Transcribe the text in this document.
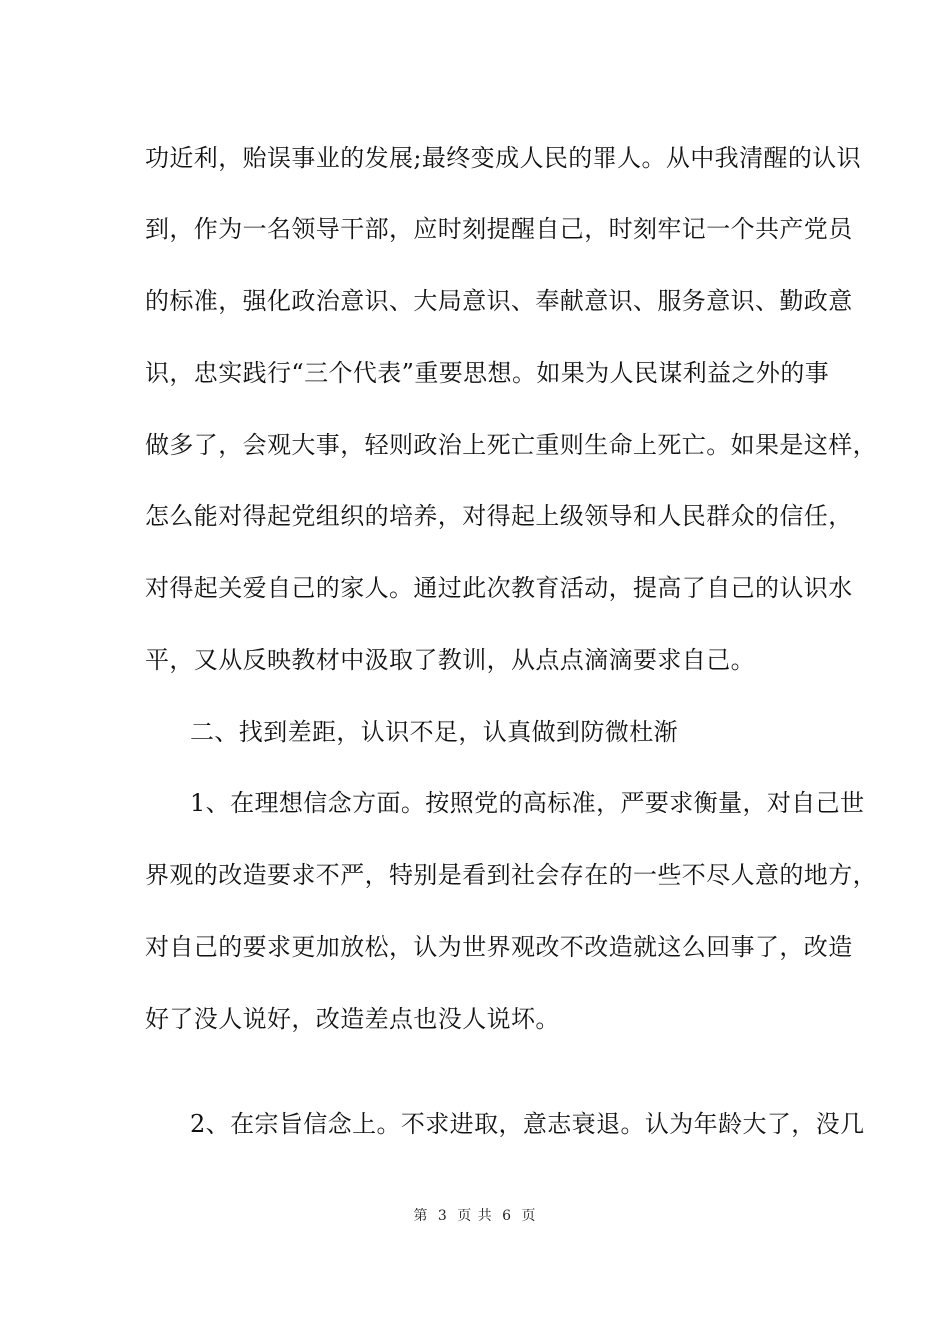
功近利，贻误事业的发展;最终变成人民的罪人。从中我清醒的认识
到，作为一名领导干部，应时刻提醒自己，时刻牢记一个共产党员
的标准，强化政治意识、大局意识、奉献意识、服务意识、勤政意
识，忠实践行“三个代表”重要思想。如果为人民谋利益之外的事
做多了，会观大事，轻则政治上死亡重则生命上死亡。如果是这样，
怎么能对得起党组织的培养，对得起上级领导和人民群众的信任，
对得起关爱自己的家人。通过此次教育活动，提高了自己的认识水
平，又从反映教材中汲取了教训，从点点滴滴要求自己。
二、找到差距，认识不足，认真做到防微杜渐
1、在理想信念方面。按照党的高标准，严要求衡量，对自己世
界观的改造要求不严，特别是看到社会存在的一些不尽人意的地方，
对自己的要求更加放松，认为世界观改不改造就这么回事了，改造
好了没人说好，改造差点也没人说坏。
2、在宗旨信念上。不求进取，意志衰退。认为年龄大了，没几
第 3 页 共 6 页
